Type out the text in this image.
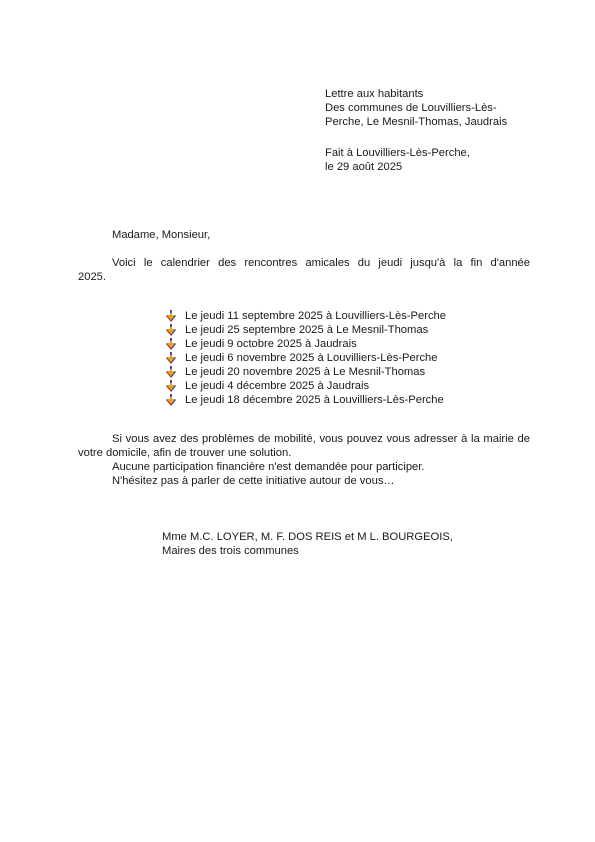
Lettre aux habitants
Des communes de Louvilliers-Lès-
Perche, Le Mesnil-Thomas, Jaudrais
Fait à Louvilliers-Lès-Perche,
le 29 août 2025
Madame, Monsieur,
Voici le calendrier des rencontres amicales du jeudi jusqu'à la fin d'année
2025.
Le jeudi 11 septembre 2025 à Louvilliers-Lès-Perche
Le jeudi 25 septembre 2025 à Le Mesnil-Thomas
Le jeudi 9 octobre 2025 à Jaudrais
Le jeudi 6 novembre 2025 à Louvilliers-Lès-Perche
Le jeudi 20 novembre 2025 à Le Mesnil-Thomas
Le jeudi 4 décembre 2025 à Jaudrais
Le jeudi 18 décembre 2025 à Louvilliers-Lès-Perche
Si vous avez des problèmes de mobilité, vous pouvez vous adresser à la mairie de votre domicile, afin de trouver une solution.
Aucune participation financière n'est demandée pour participer.
N'hésitez pas à parler de cette initiative autour de vous…
Mme M.C. LOYER, M. F. DOS REIS et M L. BOURGEOIS,
Maires des trois communes
